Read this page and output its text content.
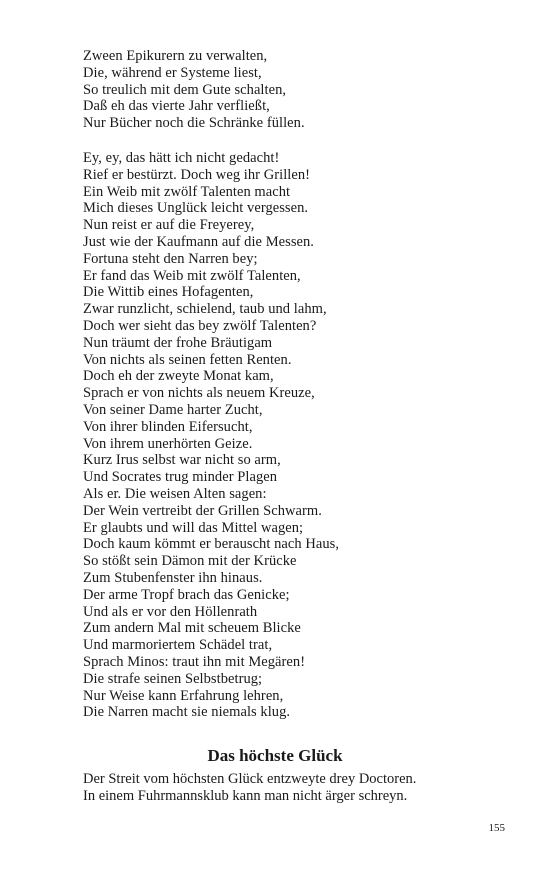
Zween Epikurern zu verwalten,
Die, während er Systeme liest,
So treulich mit dem Gute schalten,
Daß eh das vierte Jahr verfließt,
Nur Bücher noch die Schränke füllen.
Ey, ey, das hätt ich nicht gedacht!
Rief er bestürzt. Doch weg ihr Grillen!
Ein Weib mit zwölf Talenten macht
Mich dieses Unglück leicht vergessen.
Nun reist er auf die Freyerey,
Just wie der Kaufmann auf die Messen.
Fortuna steht den Narren bey;
Er fand das Weib mit zwölf Talenten,
Die Wittib eines Hofagenten,
Zwar runzlicht, schielend, taub und lahm,
Doch wer sieht das bey zwölf Talenten?
Nun träumt der frohe Bräutigam
Von nichts als seinen fetten Renten.
Doch eh der zweyte Monat kam,
Sprach er von nichts als neuem Kreuze,
Von seiner Dame harter Zucht,
Von ihrer blinden Eifersucht,
Von ihrem unerhörten Geize.
Kurz Irus selbst war nicht so arm,
Und Socrates trug minder Plagen
Als er. Die weisen Alten sagen:
Der Wein vertreibt der Grillen Schwarm.
Er glaubts und will das Mittel wagen;
Doch kaum kömmt er berauscht nach Haus,
So stößt sein Dämon mit der Krücke
Zum Stubenfenster ihn hinaus.
Der arme Tropf brach das Genicke;
Und als er vor den Höllenrath
Zum andern Mal mit scheuem Blicke
Und marmoriertem Schädel trat,
Sprach Minos: traut ihn mit Megären!
Die strafe seinen Selbstbetrug;
Nur Weise kann Erfahrung lehren,
Die Narren macht sie niemals klug.
Das höchste Glück
Der Streit vom höchsten Glück entzweyte drey Doctoren.
In einem Fuhrmannsklub kann man nicht ärger schreyn.
155
